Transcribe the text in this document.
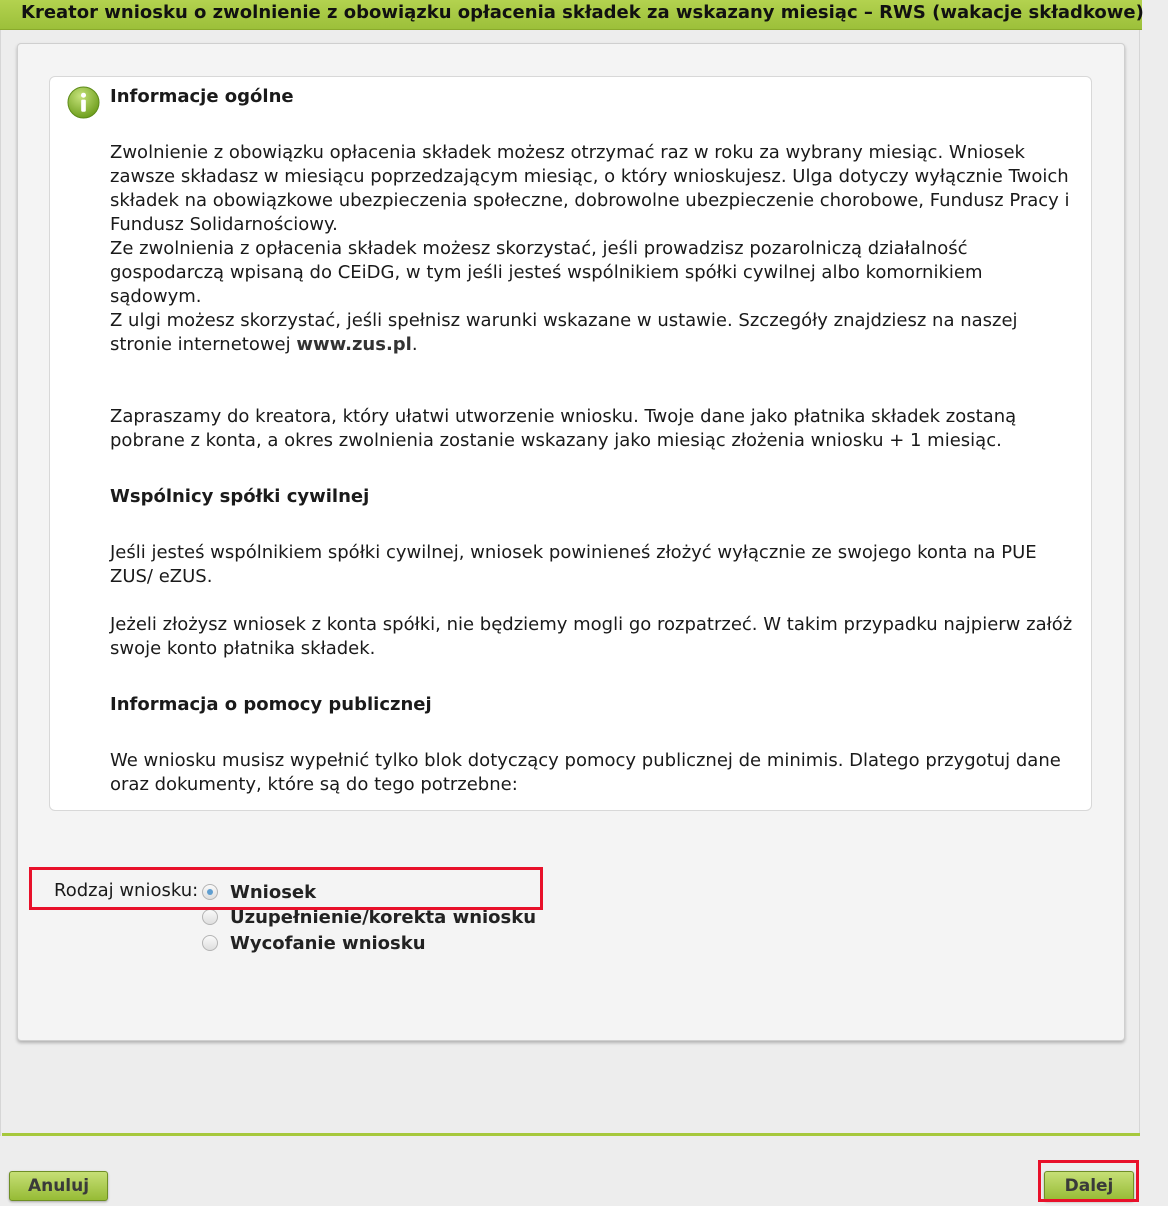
Kreator wniosku o zwolnienie z obowiązku opłacenia składek za wskazany miesiąc – RWS (wakacje składkowe)
Informacje ogólne

Zwolnienie z obowiązku opłacenia składek możesz otrzymać raz w roku za wybrany miesiąc. Wniosek zawsze składasz w miesiącu poprzedzającym miesiąc, o który wnioskujesz. Ulga dotyczy wyłącznie Twoich składek na obowiązkowe ubezpieczenia społeczne, dobrowolne ubezpieczenie chorobowe, Fundusz Pracy i Fundusz Solidarnościowy.

Ze zwolnienia z opłacenia składek możesz skorzystać, jeśli prowadzisz pozarolniczą działalność gospodarczą wpisaną do CEiDG, w tym jeśli jesteś wspólnikiem spółki cywilnej albo komornikiem sądowym.

Z ulgi możesz skorzystać, jeśli spełnisz warunki wskazane w ustawie. Szczegóły znajdziesz na naszej stronie internetowej www.zus.pl.

Zapraszamy do kreatora, który ułatwi utworzenie wniosku. Twoje dane jako płatnika składek zostaną pobrane z konta, a okres zwolnienia zostanie wskazany jako miesiąc złożenia wniosku + 1 miesiąc.

Wspólnicy spółki cywilnej

Jeśli jesteś wspólnikiem spółki cywilnej, wniosek powinieneś złożyć wyłącznie ze swojego konta na PUE ZUS/ eZUS.

Jeżeli złożysz wniosek z konta spółki, nie będziemy mogli go rozpatrzeć. W takim przypadku najpierw załóż swoje konto płatnika składek.

Informacja o pomocy publicznej

We wniosku musisz wypełnić tylko blok dotyczący pomocy publicznej de minimis. Dlatego przygotuj dane oraz dokumenty, które są do tego potrzebne:

Rodzaj wniosku: Wniosek
Uzupełnienie/korekta wniosku
Wycofanie wniosku
Anuluj	Dalej
